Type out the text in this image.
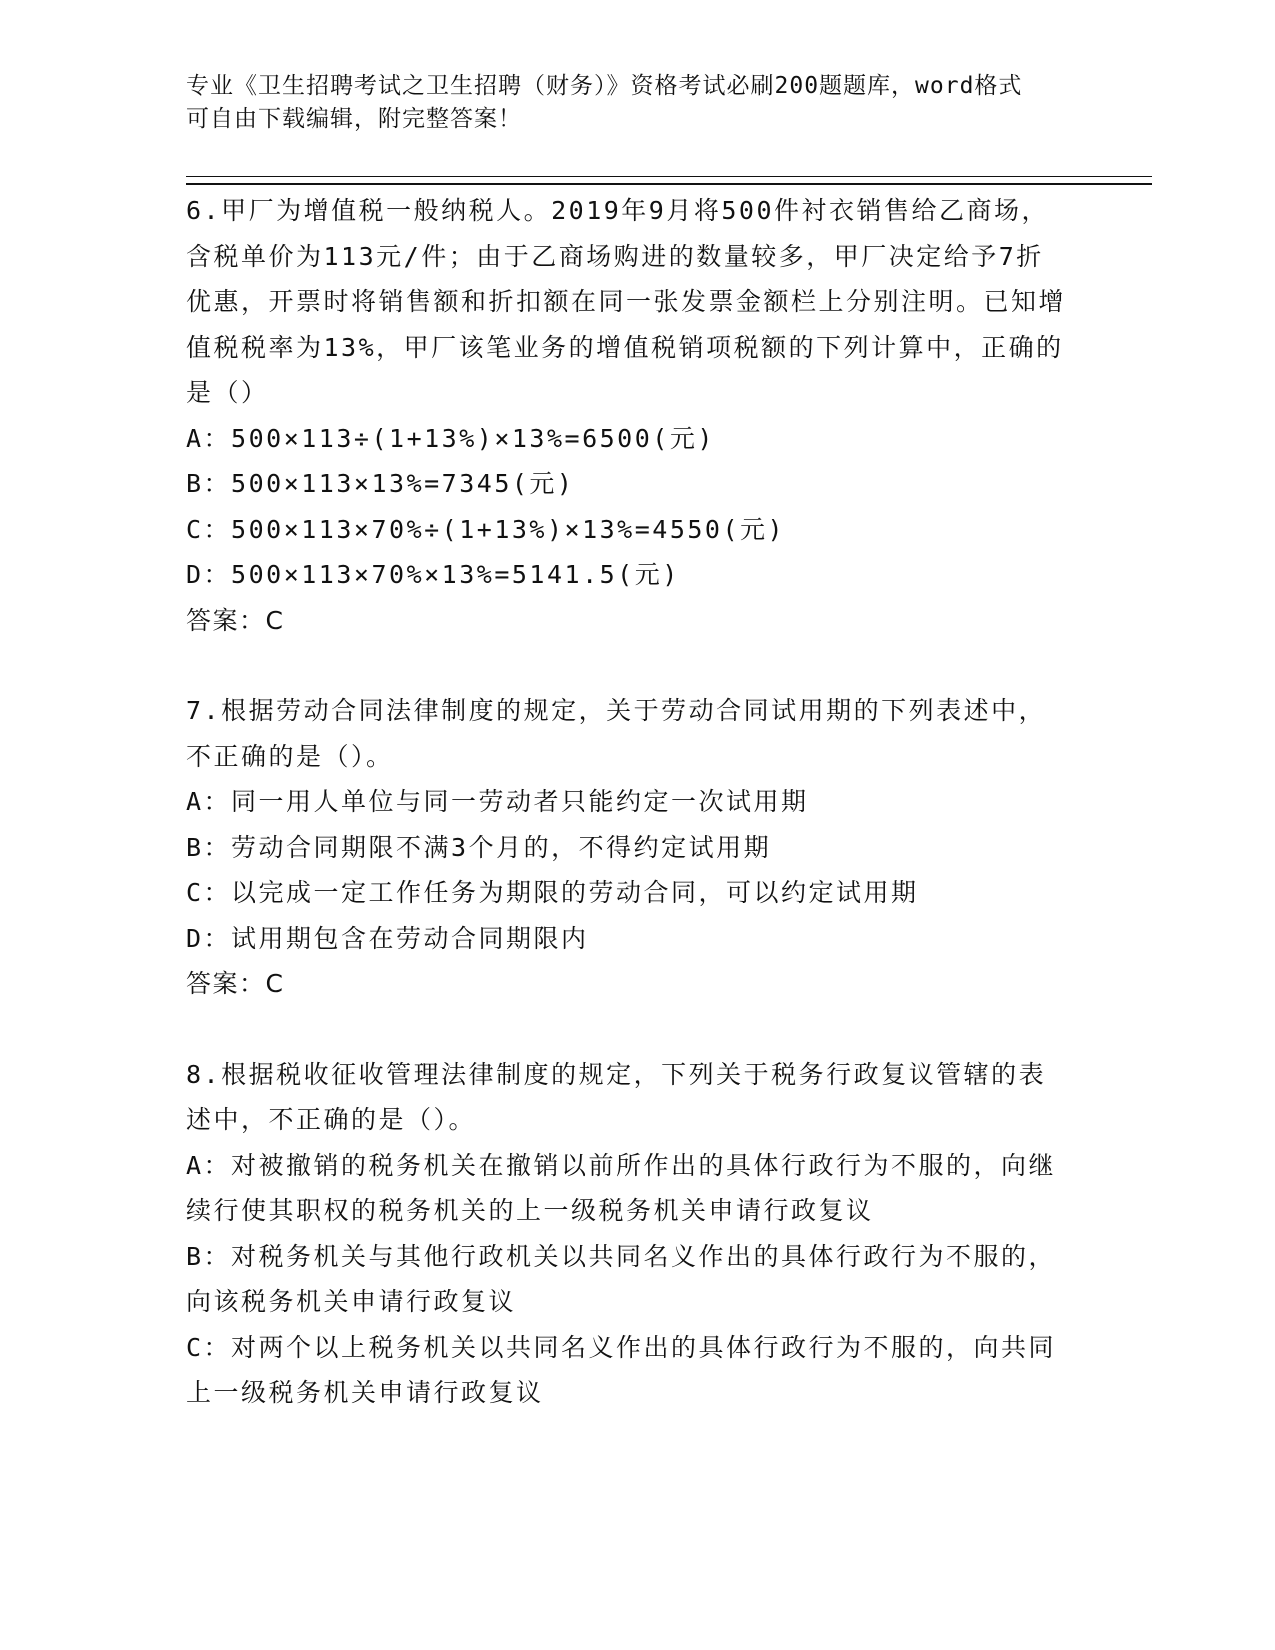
专业《卫生招聘考试之卫生招聘（财务）》资格考试必刷200题题库，word格式
可自由下载编辑，附完整答案！
6.甲厂为增值税一般纳税人。2019年9月将500件衬衣销售给乙商场，含税单价为113元/件；由于乙商场购进的数量较多，甲厂决定给予7折优惠，开票时将销售额和折扣额在同一张发票金额栏上分别注明。已知增值税税率为13%，甲厂该笔业务的增值税销项税额的下列计算中，正确的是（）
A：500×113÷(1+13%)×13%=6500(元)
B：500×113×13%=7345(元)
C：500×113×70%÷(1+13%)×13%=4550(元)
D：500×113×70%×13%=5141.5(元)
答案：C
7.根据劳动合同法律制度的规定，关于劳动合同试用期的下列表述中，不正确的是（）。
A：同一用人单位与同一劳动者只能约定一次试用期
B：劳动合同期限不满3个月的，不得约定试用期
C：以完成一定工作任务为期限的劳动合同，可以约定试用期
D：试用期包含在劳动合同期限内
答案：C
8.根据税收征收管理法律制度的规定，下列关于税务行政复议管辖的表述中，不正确的是（）。
A：对被撤销的税务机关在撤销以前所作出的具体行政行为不服的，向继续行使其职权的税务机关的上一级税务机关申请行政复议
B：对税务机关与其他行政机关以共同名义作出的具体行政行为不服的，向该税务机关申请行政复议
C：对两个以上税务机关以共同名义作出的具体行政行为不服的，向共同上一级税务机关申请行政复议
